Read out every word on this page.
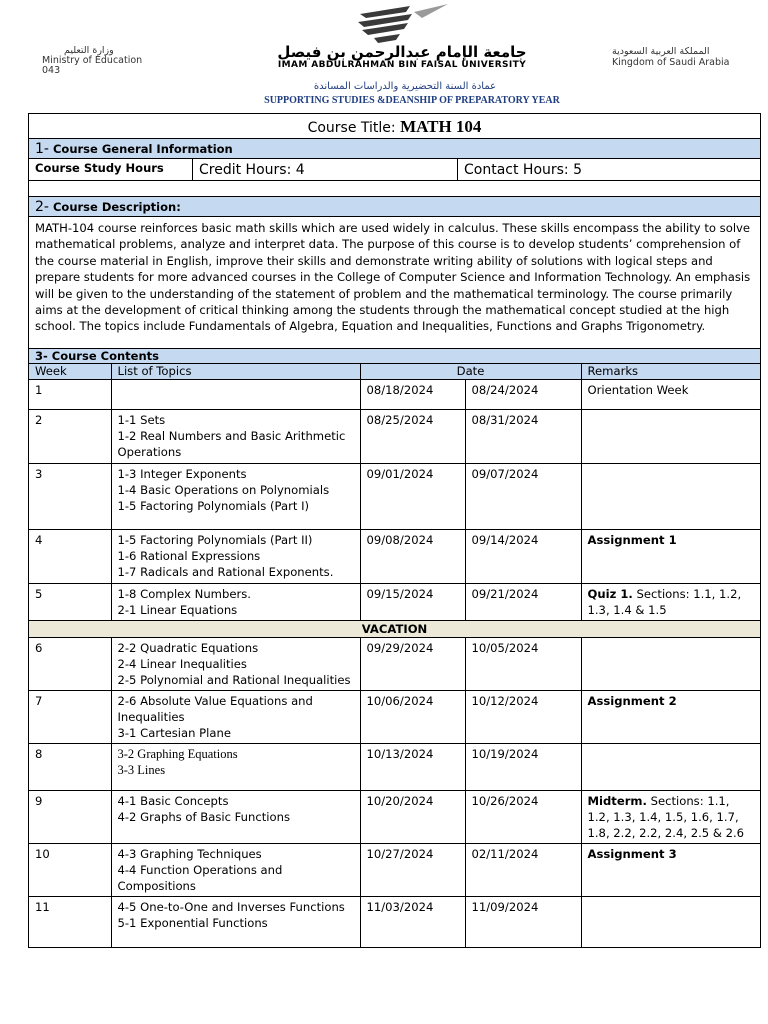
وزارة التعليم
Ministry of Education
043
جامعة الإمام عبدالرحمن بن فيصل
IMAM ABDULRAHMAN BIN FAISAL UNIVERSITY
المملكة العربية السعودية
Kingdom of Saudi Arabia
عمادة السنة التحضيرية والدراسات المساندة
SUPPORTING STUDIES &DEANSHIP OF PREPARATORY YEAR
Course Title: MATH 104
1- Course General Information
Course Study Hours	Credit Hours: 4	Contact Hours: 5
2- Course Description:
MATH-104 course reinforces basic math skills which are used widely in calculus. These skills encompass the ability to solve mathematical problems, analyze and interpret data. The purpose of this course is to develop students’ comprehension of the course material in English, improve their skills and demonstrate writing ability of solutions with logical steps and prepare students for more advanced courses in the College of Computer Science and Information Technology. An emphasis will be given to the understanding of the statement of problem and the mathematical terminology. The course primarily aims at the development of critical thinking among the students through the mathematical concept studied at the high school. The topics include Fundamentals of Algebra, Equation and Inequalities, Functions and Graphs Trigonometry.
3- Course Contents
Week	List of Topics	Date		Remarks
1		08/18/2024	08/24/2024	Orientation Week
2	1-1 Sets
1-2 Real Numbers and Basic Arithmetic Operations	08/25/2024	08/31/2024	
3	1-3 Integer Exponents
1-4 Basic Operations on Polynomials
1-5 Factoring Polynomials (Part I)	09/01/2024	09/07/2024	
4	1-5 Factoring Polynomials (Part II)
1-6 Rational Expressions
1-7 Radicals and Rational Exponents.	09/08/2024	09/14/2024	Assignment 1
5	1-8 Complex Numbers.
2-1 Linear Equations	09/15/2024	09/21/2024	Quiz 1. Sections: 1.1, 1.2, 1.3, 1.4 & 1.5
VACATION				
6	2-2 Quadratic Equations
2-4 Linear Inequalities
2-5 Polynomial and Rational Inequalities	09/29/2024	10/05/2024	
7	2-6 Absolute Value Equations and Inequalities
3-1 Cartesian Plane	10/06/2024	10/12/2024	Assignment 2
8	3-2 Graphing Equations
3-3 Lines	10/13/2024	10/19/2024	
9	4-1 Basic Concepts
4-2 Graphs of Basic Functions	10/20/2024	10/26/2024	Midterm. Sections: 1.1, 1.2, 1.3, 1.4, 1.5, 1.6, 1.7, 1.8, 2.2, 2.2, 2.4, 2.5 & 2.6
10	4-3 Graphing Techniques
4-4 Function Operations and Compositions	10/27/2024	02/11/2024	Assignment 3
11	4-5 One-to-One and Inverses Functions
5-1 Exponential Functions	11/03/2024	11/09/2024	
